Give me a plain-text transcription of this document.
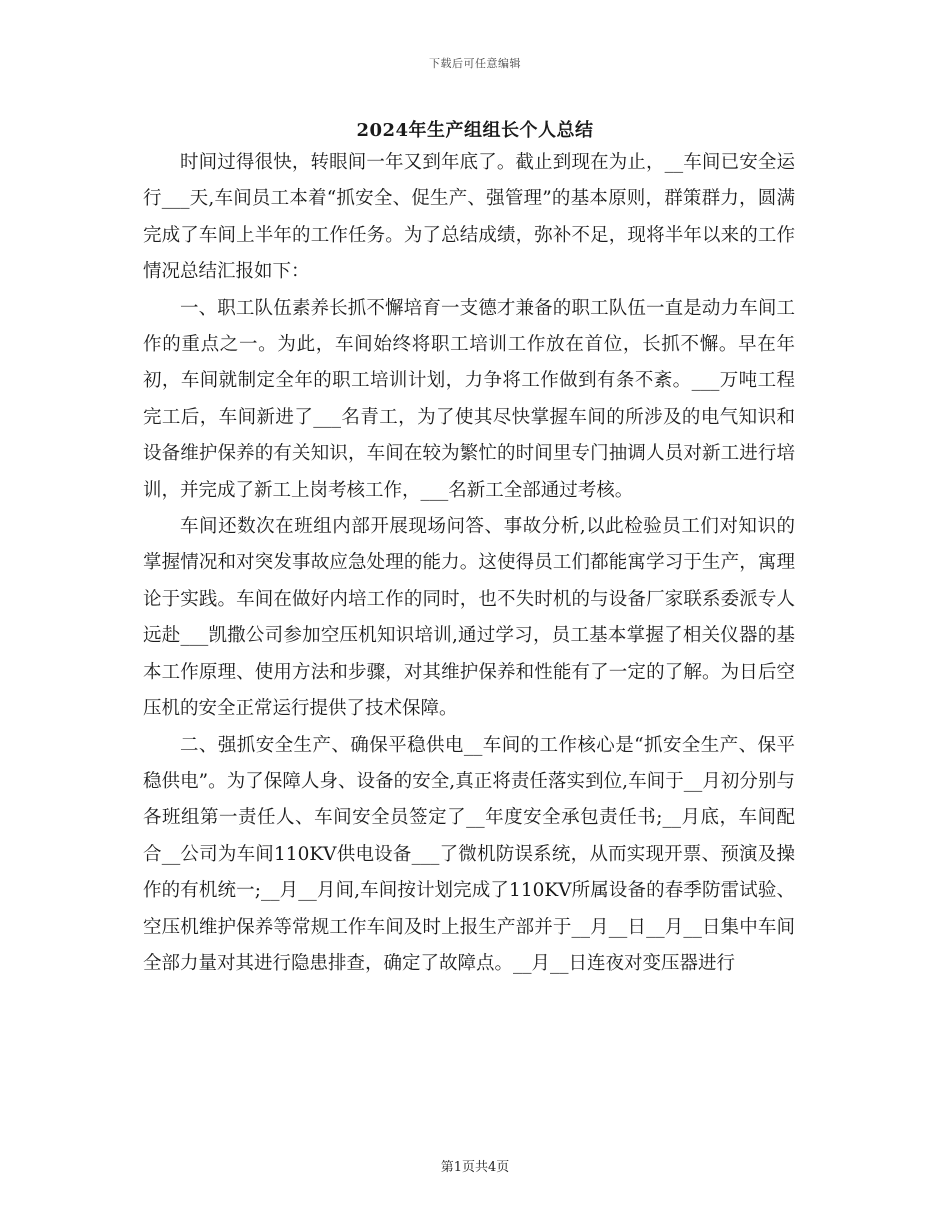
下载后可任意编辑
2024年生产组组长个人总结

时间过得很快，转眼间一年又到年底了。截止到现在为止，__车间已安全运行___天,车间员工本着“抓安全、促生产、强管理”的基本原则，群策群力，圆满完成了车间上半年的工作任务。为了总结成绩，弥补不足，现将半年以来的工作情况总结汇报如下：

一、职工队伍素养长抓不懈培育一支德才兼备的职工队伍一直是动力车间工作的重点之一。为此，车间始终将职工培训工作放在首位，长抓不懈。早在年初，车间就制定全年的职工培训计划，力争将工作做到有条不紊。___万吨工程完工后，车间新进了___名青工，为了使其尽快掌握车间的所涉及的电气知识和设备维护保养的有关知识，车间在较为繁忙的时间里专门抽调人员对新工进行培训，并完成了新工上岗考核工作，___名新工全部通过考核。

车间还数次在班组内部开展现场问答、事故分析,以此检验员工们对知识的掌握情况和对突发事故应急处理的能力。这使得员工们都能寓学习于生产，寓理论于实践。车间在做好内培工作的同时，也不失时机的与设备厂家联系委派专人远赴___凯撒公司参加空压机知识培训,通过学习，员工基本掌握了相关仪器的基本工作原理、使用方法和步骤，对其维护保养和性能有了一定的了解。为日后空压机的安全正常运行提供了技术保障。

二、强抓安全生产、确保平稳供电__车间的工作核心是“抓安全生产、保平稳供电”。为了保障人身、设备的安全,真正将责任落实到位,车间于__月初分别与各班组第一责任人、车间安全员签定了__年度安全承包责任书;__月底，车间配合__公司为车间110KV供电设备___了微机防误系统，从而实现开票、预演及操作的有机统一;__月__月间,车间按计划完成了110KV所属设备的春季防雷试验、空压机维护保养等常规工作车间及时上报生产部并于__月__日__月__日集中车间全部力量对其进行隐患排查，确定了故障点。__月__日连夜对变压器进行

第1页共4页
